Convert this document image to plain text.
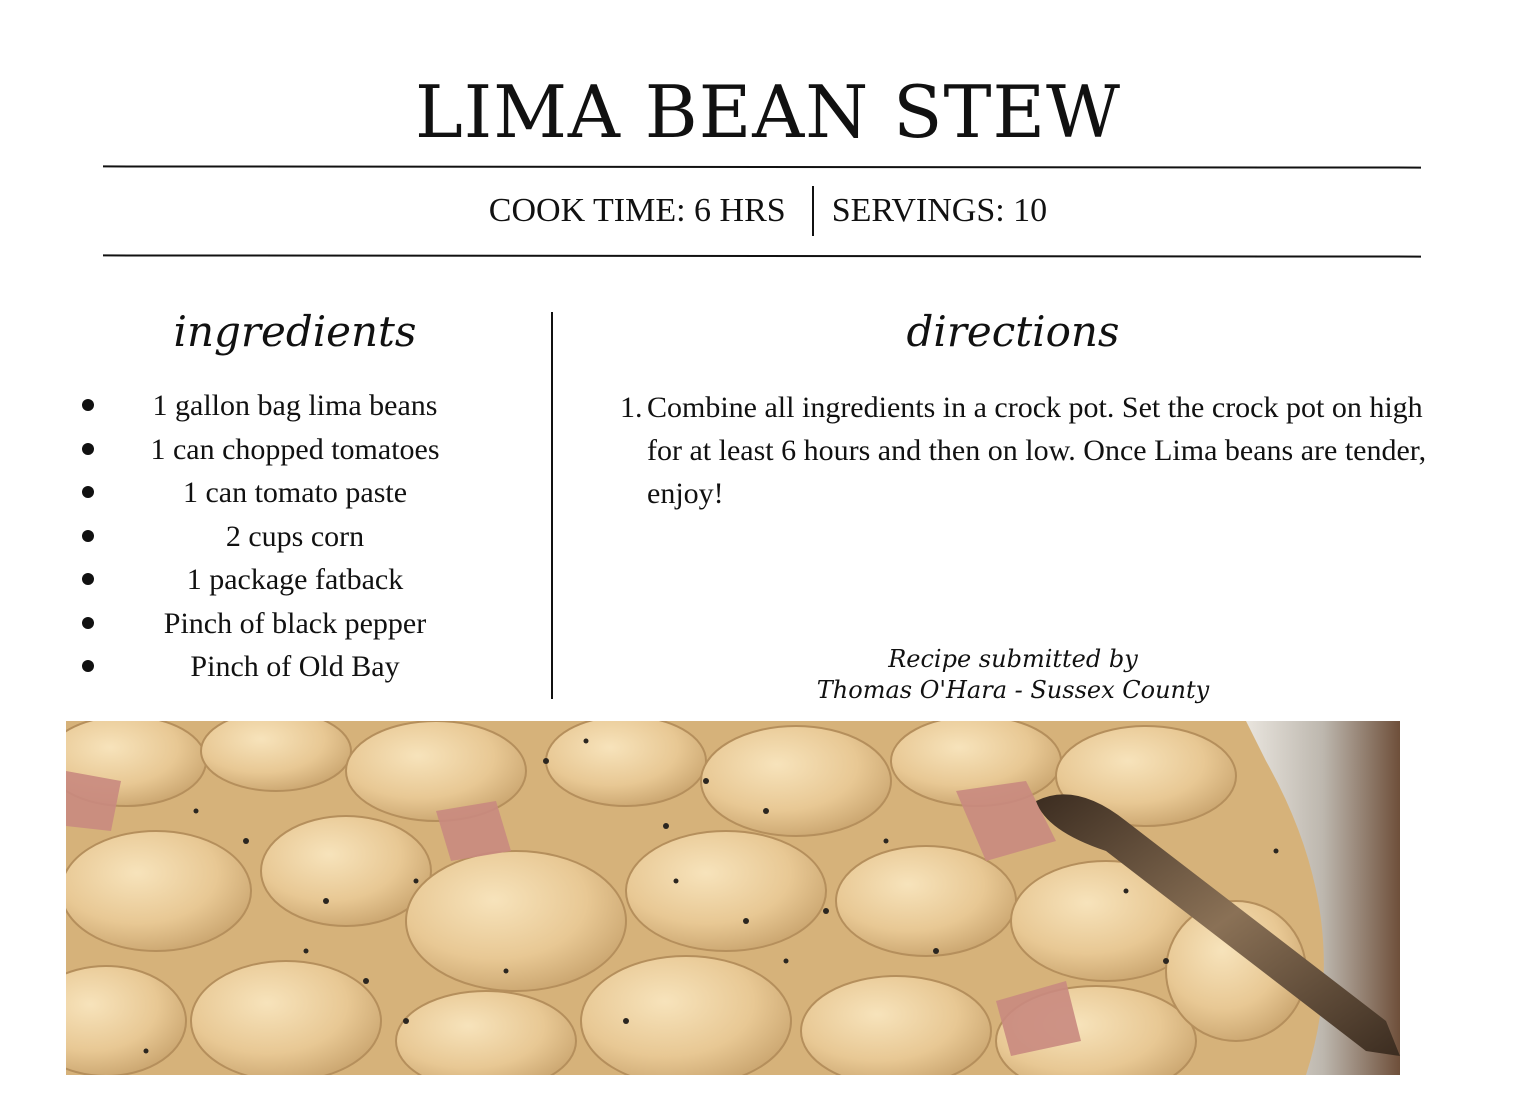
LIMA BEAN STEW
COOK TIME: 6 HRS SERVINGS: 10
ingredients	directions
1 gallon bag lima beans
1 can chopped tomatoes
1 can tomato paste
2 cups corn
1 package fatback
Pinch of black pepper
Pinch of Old Bay
1. Combine all ingredients in a crock pot. Set the crock pot on high for at least 6 hours and then on low. Once Lima beans are tender, enjoy!
Recipe submitted by
Thomas O'Hara - Sussex County
